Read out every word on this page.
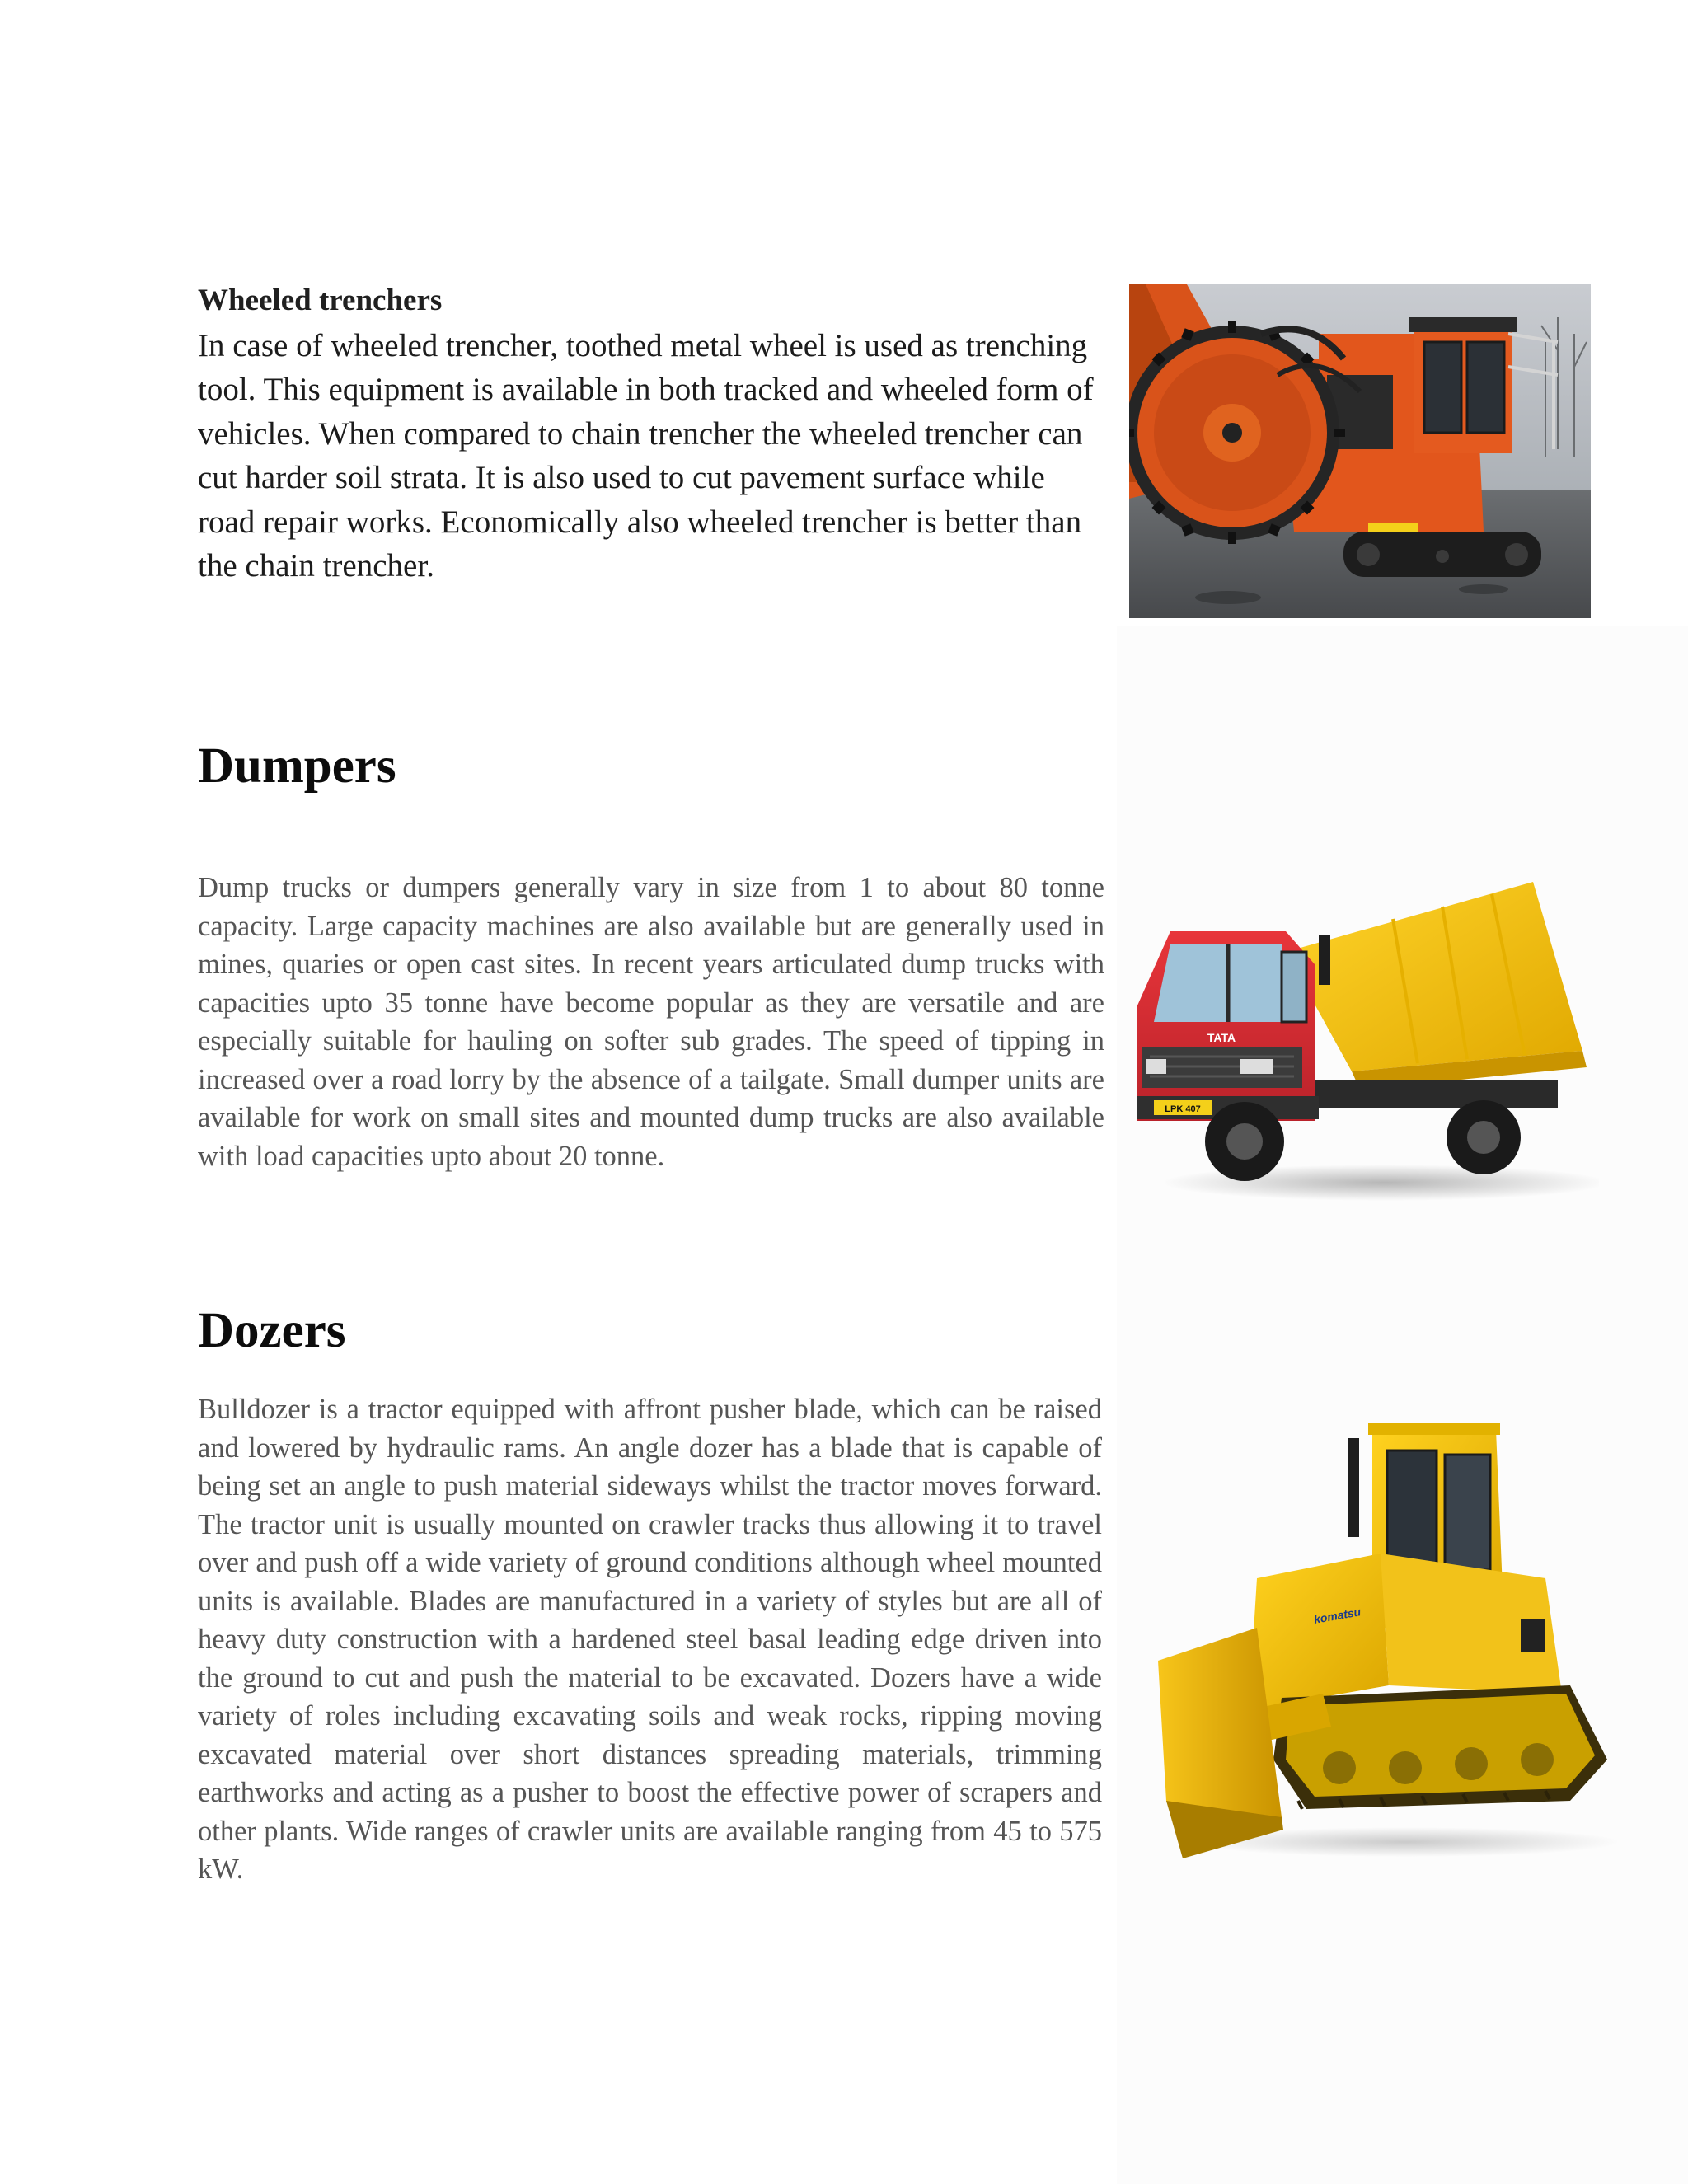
Wheeled trenchers

In case of wheeled trencher, toothed metal wheel is used as trenching tool. This equipment is available in both tracked and wheeled form of vehicles. When compared to chain trencher the wheeled trencher can cut harder soil strata. It is also used to cut pavement surface while road repair works. Economically also wheeled trencher is better than the chain trencher.

Dumpers

Dump trucks or dumpers generally vary in size from 1 to about 80 tonne capacity. Large capacity machines are also available but are generally used in mines, quaries or open cast sites. In recent years articulated dump trucks with capacities upto 35 tonne have become popular as they are versatile and are especially suitable for hauling on softer sub grades. The speed of tipping in increased over a road lorry by the absence of a tailgate. Small dumper units are available for work on small sites and mounted dump trucks are also available with load capacities upto about 20 tonne.

TATA
LPK 407
Dozers

Bulldozer is a tractor equipped with affront pusher blade, which can be raised and lowered by hydraulic rams. An angle dozer has a blade that is capable of being set an angle to push material sideways whilst the tractor moves forward. The tractor unit is usually mounted on crawler tracks thus allowing it to travel over and push off a wide variety of ground conditions although wheel mounted units is available. Blades are manufactured in a variety of styles but are all of heavy duty construction with a hardened steel basal leading edge driven into the ground to cut and push the material to be excavated. Dozers have a wide variety of roles including excavating soils and weak rocks, ripping moving excavated material over short distances spreading materials, trimming earthworks and acting as a pusher to boost the effective power of scrapers and other plants. Wide ranges of crawler units are available ranging from 45 to 575 kW.

komatsu
